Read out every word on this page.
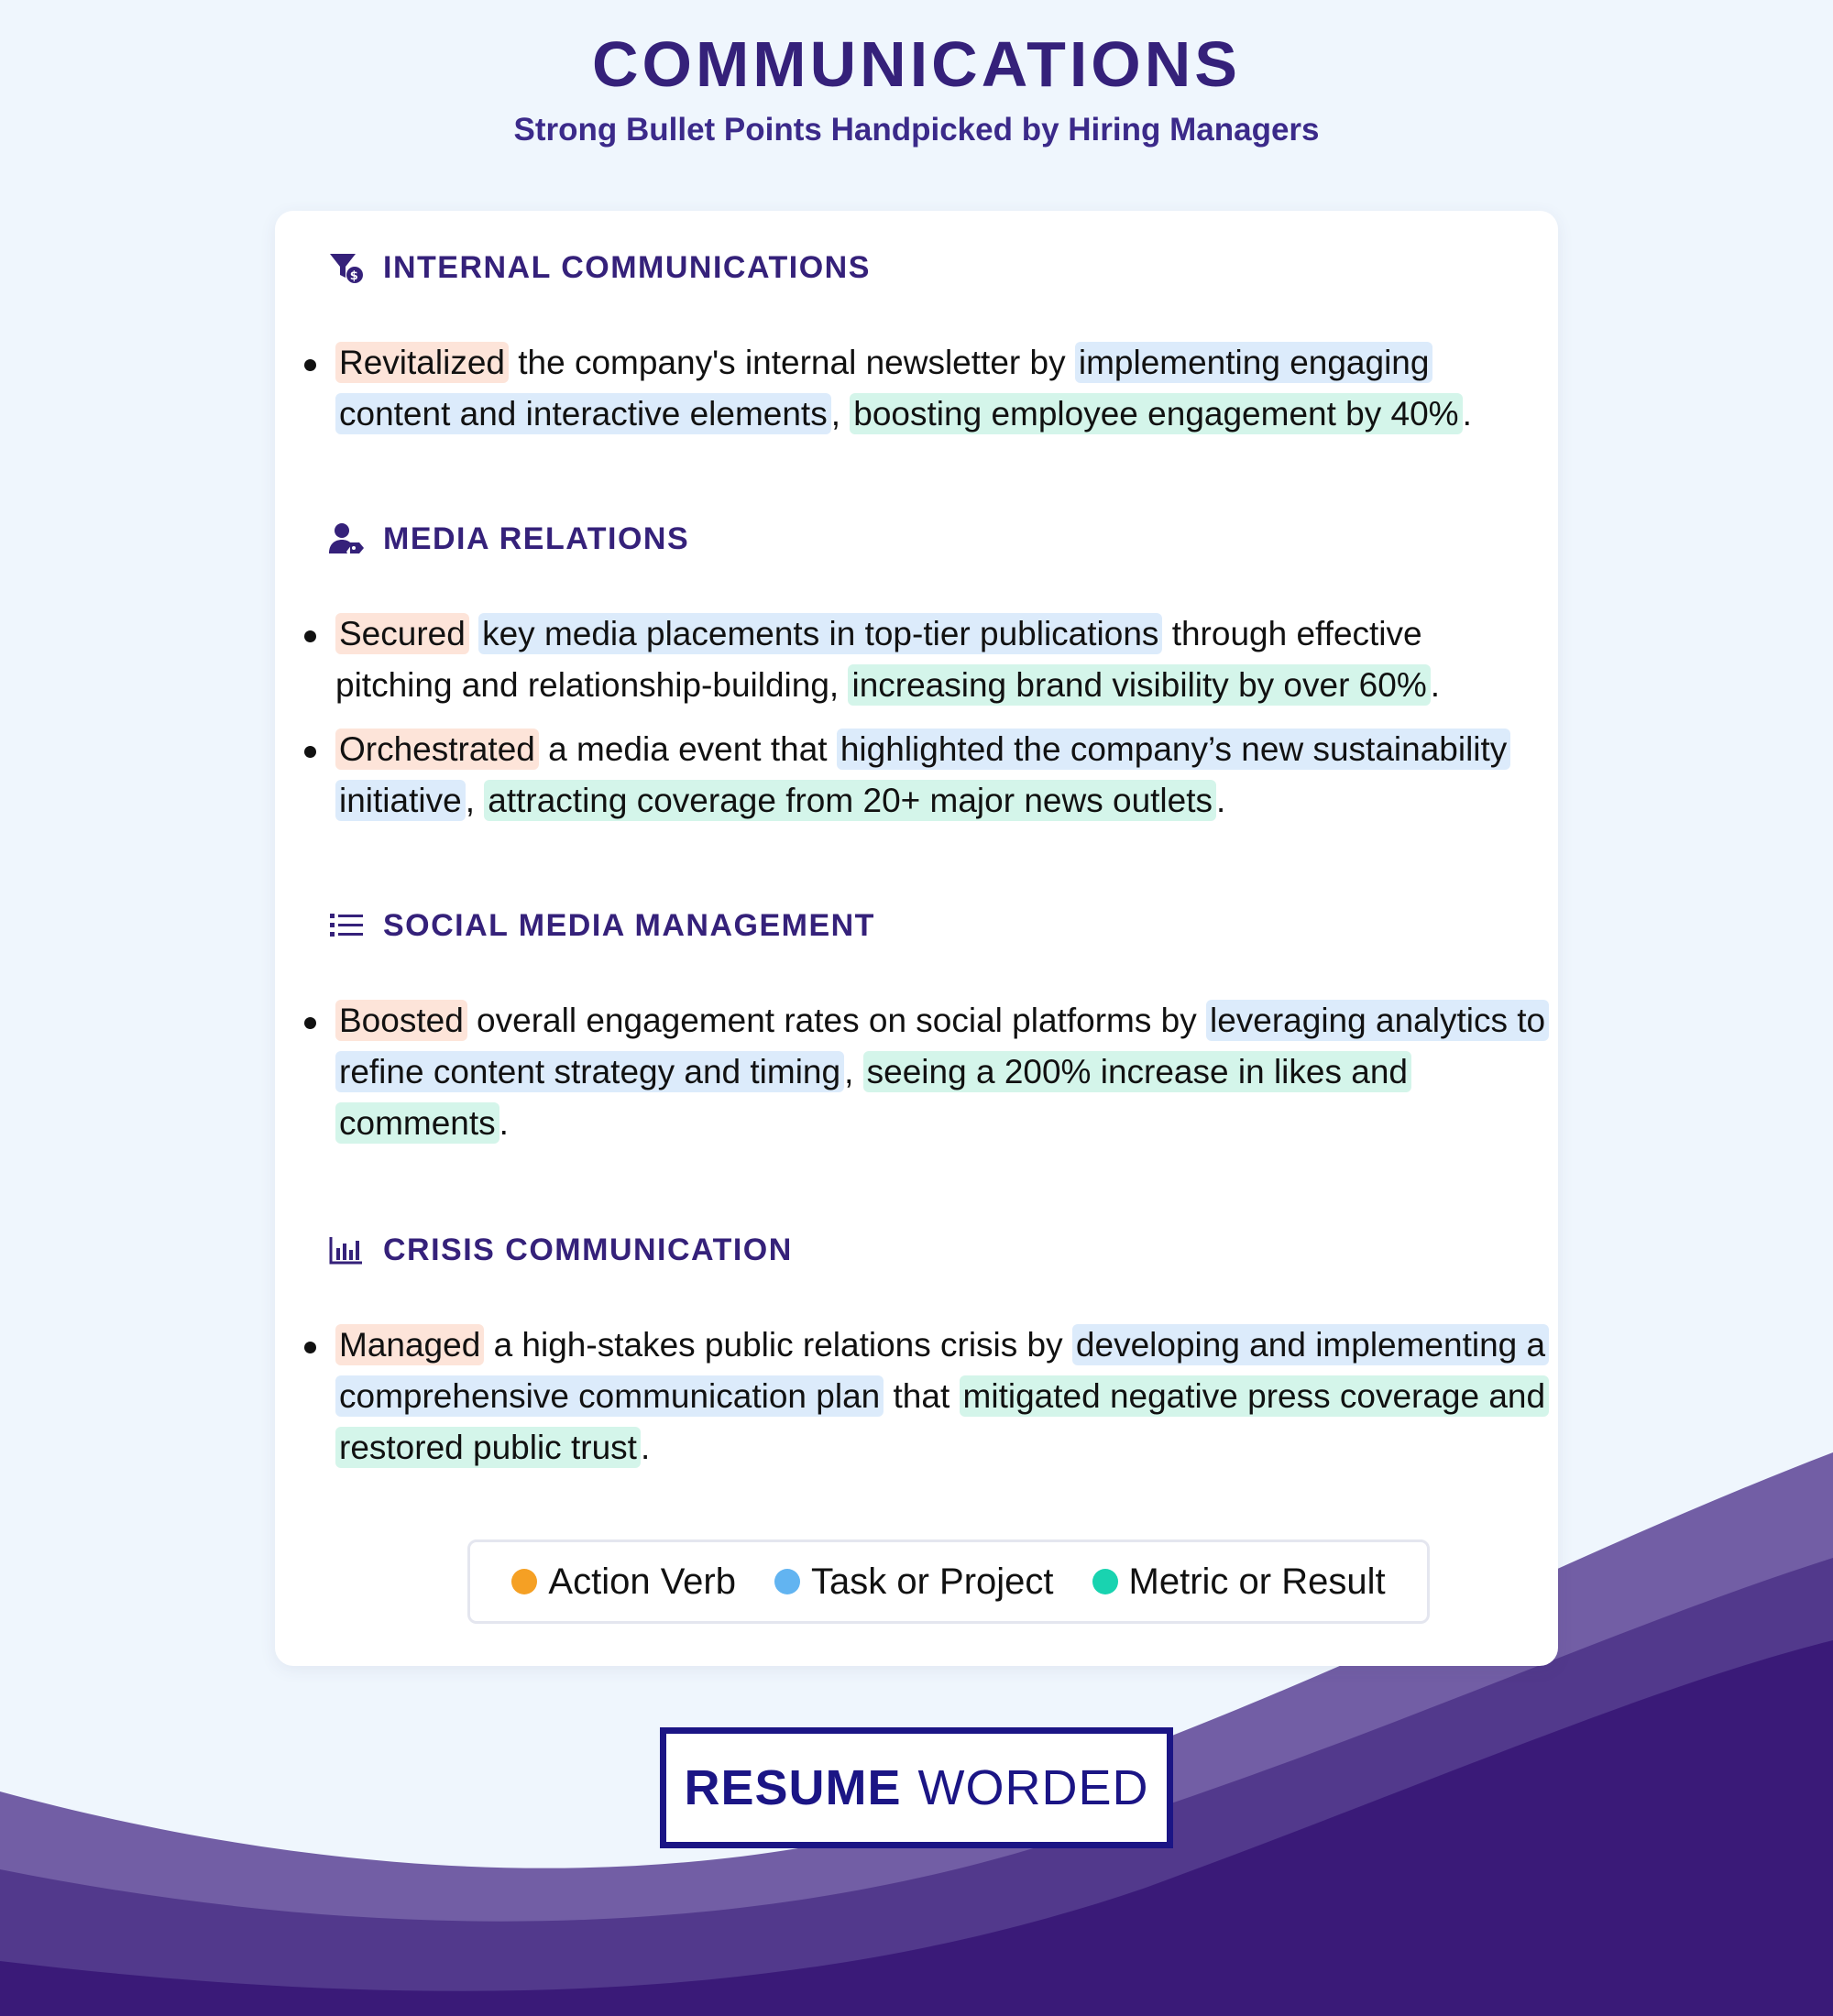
COMMUNICATIONS

Strong Bullet Points Handpicked by Hiring Managers

$ INTERNAL COMMUNICATIONS
Revitalized the company's internal newsletter by implementing engaging content and interactive elements , boosting employee engagement by 40% .
MEDIA RELATIONS
Secured key media placements in top-tier publications through effective pitching and relationship-building, increasing brand visibility by over 60% .
Orchestrated a media event that highlighted the company’s new sustainability initiative , attracting coverage from 20+ major news outlets .
SOCIAL MEDIA MANAGEMENT
Boosted overall engagement rates on social platforms by leveraging analytics to refine content strategy and timing , seeing a 200% increase in likes and comments .
CRISIS COMMUNICATION
Managed a high-stakes public relations crisis by developing and implementing a comprehensive communication plan that mitigated negative press coverage and restored public trust .
Action Verb Task or Project Metric or Result
RESUME WORDED
